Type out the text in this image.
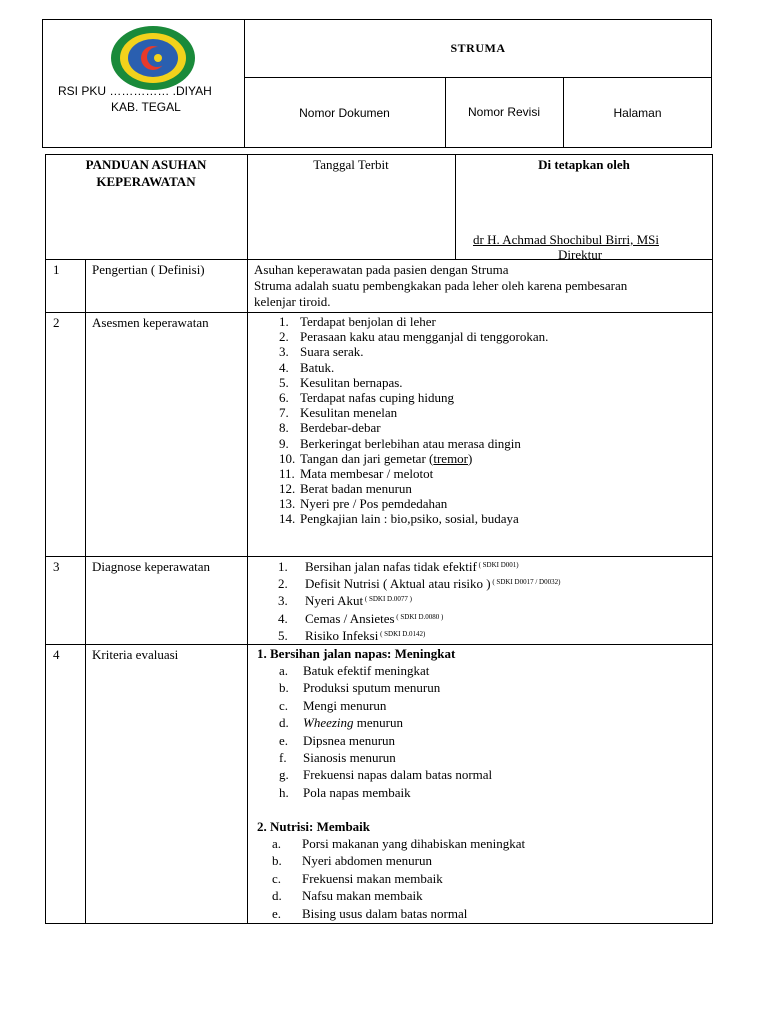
RSI PKU …………… .DIYAH
KAB. TEGAL
STRUMA
Nomor Dokumen	Nomor Revisi	Halaman
PANDUAN ASUHAN
KEPERAWATAN
Tanggal Terbit	Di tetapkan oleh
dr H. Achmad Shochibul Birri, MSi
Direktur
1	Pengertian ( Definisi)	Asuhan keperawatan pada pasien dengan Struma
Struma adalah suatu pembengkakan pada leher oleh karena pembesaran
kelenjar tiroid.
2	Asesmen keperawatan	1. Terdapat benjolan di leher
2. Perasaan kaku atau mengganjal di tenggorokan.
3. Suara serak.
4. Batuk.
5. Kesulitan bernapas.
6. Terdapat nafas cuping hidung
7. Kesulitan menelan
8. Berdebar-debar
9. Berkeringat berlebihan atau merasa dingin
10. Tangan dan jari gemetar (tremor)
11. Mata membesar / melotot
12. Berat badan menurun
13. Nyeri pre / Pos pemdedahan
14. Pengkajian lain : bio,psiko, sosial, budaya
3	Diagnose keperawatan	1. Bersihan jalan nafas tidak efektif $^{( SDKI D001)}$
2. Defisit Nutrisi ( Aktual atau risiko ) $^{( SDKI D0017 / D0032)}$
3. Nyeri Akut $^{( SDKI D.0077 )}$
4. Cemas / Ansietes $^{( SDKI D.0080 )}$
5. Risiko Infeksi $^{( SDKI D.0142)}$
4	Kriteria evaluasi	1. Bersihan jalan napas: Meningkat
a. Batuk efektif meningkat
b. Produksi sputum menurun
c. Mengi menurun
d. Wheezing menurun
e. Dipsnea menurun
f. Sianosis menurun
g. Frekuensi napas dalam batas normal
h. Pola napas membaik
2. Nutrisi: Membaik
a. Porsi makanan yang dihabiskan meningkat
b. Nyeri abdomen menurun
c. Frekuensi makan membaik
d. Nafsu makan membaik
e. Bising usus dalam batas normal
